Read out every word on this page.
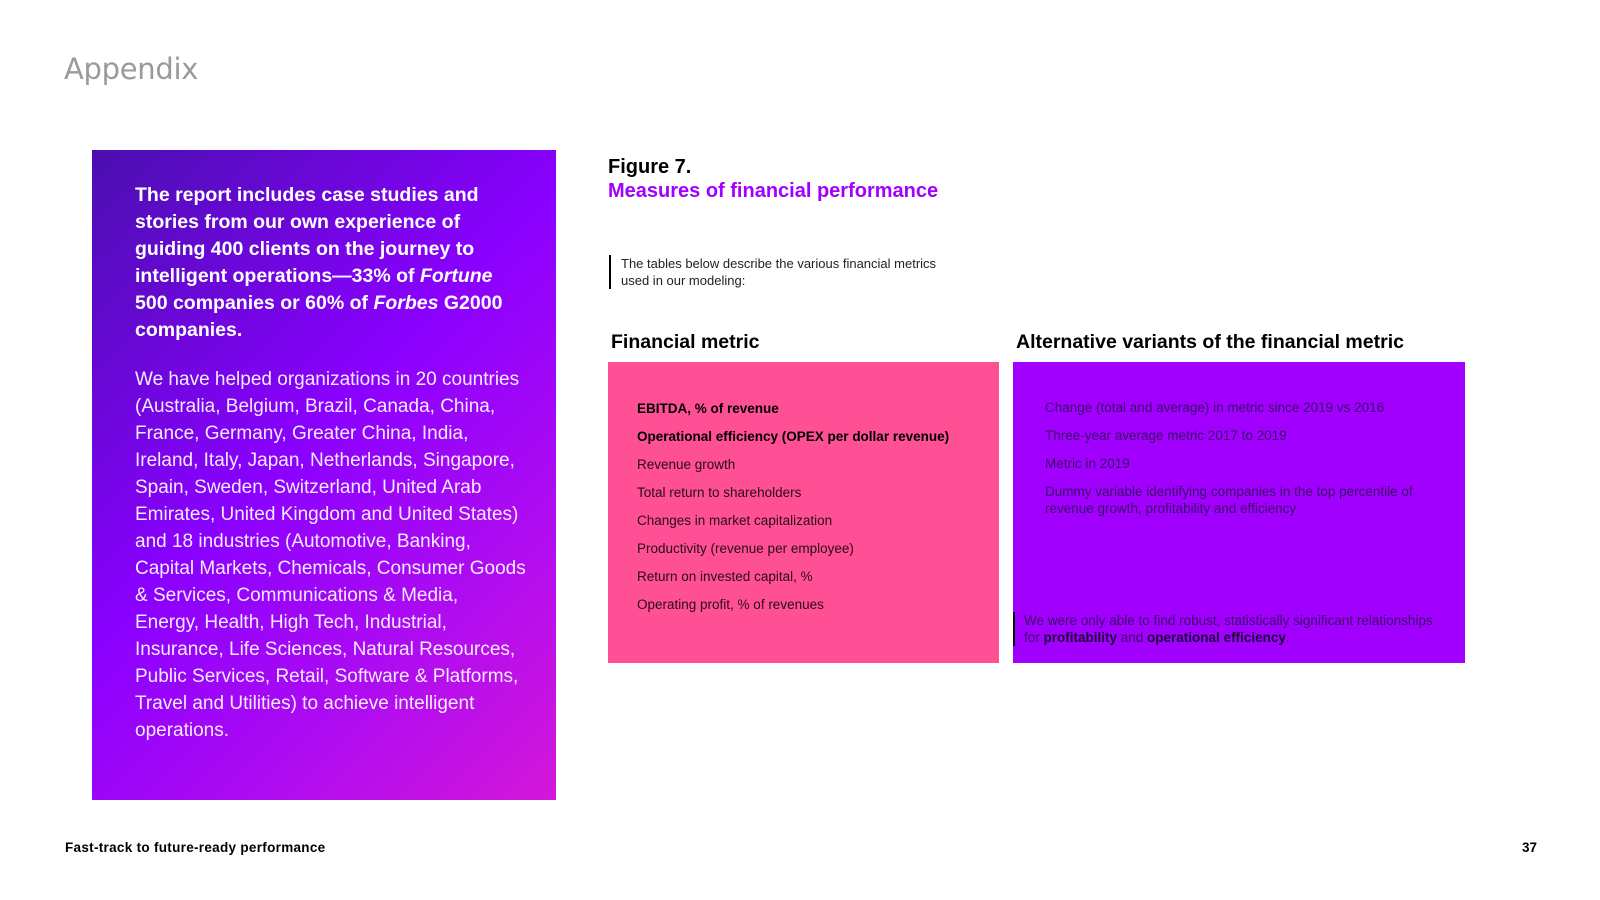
Appendix

The report includes case studies and stories from our own experience of guiding 400 clients on the journey to intelligent operations—33% of Fortune 500 companies or 60% of Forbes G2000 companies.

We have helped organizations in 20 countries (Australia, Belgium, Brazil, Canada, China, France, Germany, Greater China, India, Ireland, Italy, Japan, Netherlands, Singapore, Spain, Sweden, Switzerland, United Arab Emirates, United Kingdom and United States) and 18 industries (Automotive, Banking, Capital Markets, Chemicals, Consumer Goods & Services, Communications & Media, Energy, Health, High Tech, Industrial, Insurance, Life Sciences, Natural Resources, Public Services, Retail, Software & Platforms, Travel and Utilities) to achieve intelligent operations.

Figure 7.
Measures of financial performance
The tables below describe the various financial metrics used in our modeling:
Financial metric	Alternative variants of the financial metric
EBITDA, % of revenue
Operational efficiency (OPEX per dollar revenue)
Revenue growth
Total return to shareholders
Changes in market capitalization
Productivity (revenue per employee)
Return on invested capital, %
Operating profit, % of revenues
Change (total and average) in metric since 2019 vs 2016
Three-year average metric 2017 to 2019
Metric in 2019
Dummy variable identifying companies in the top percentile of revenue growth, profitability and efficiency
We were only able to find robust, statistically significant relationships for profitability and operational efficiency.
Fast-track to future-ready performance	37
